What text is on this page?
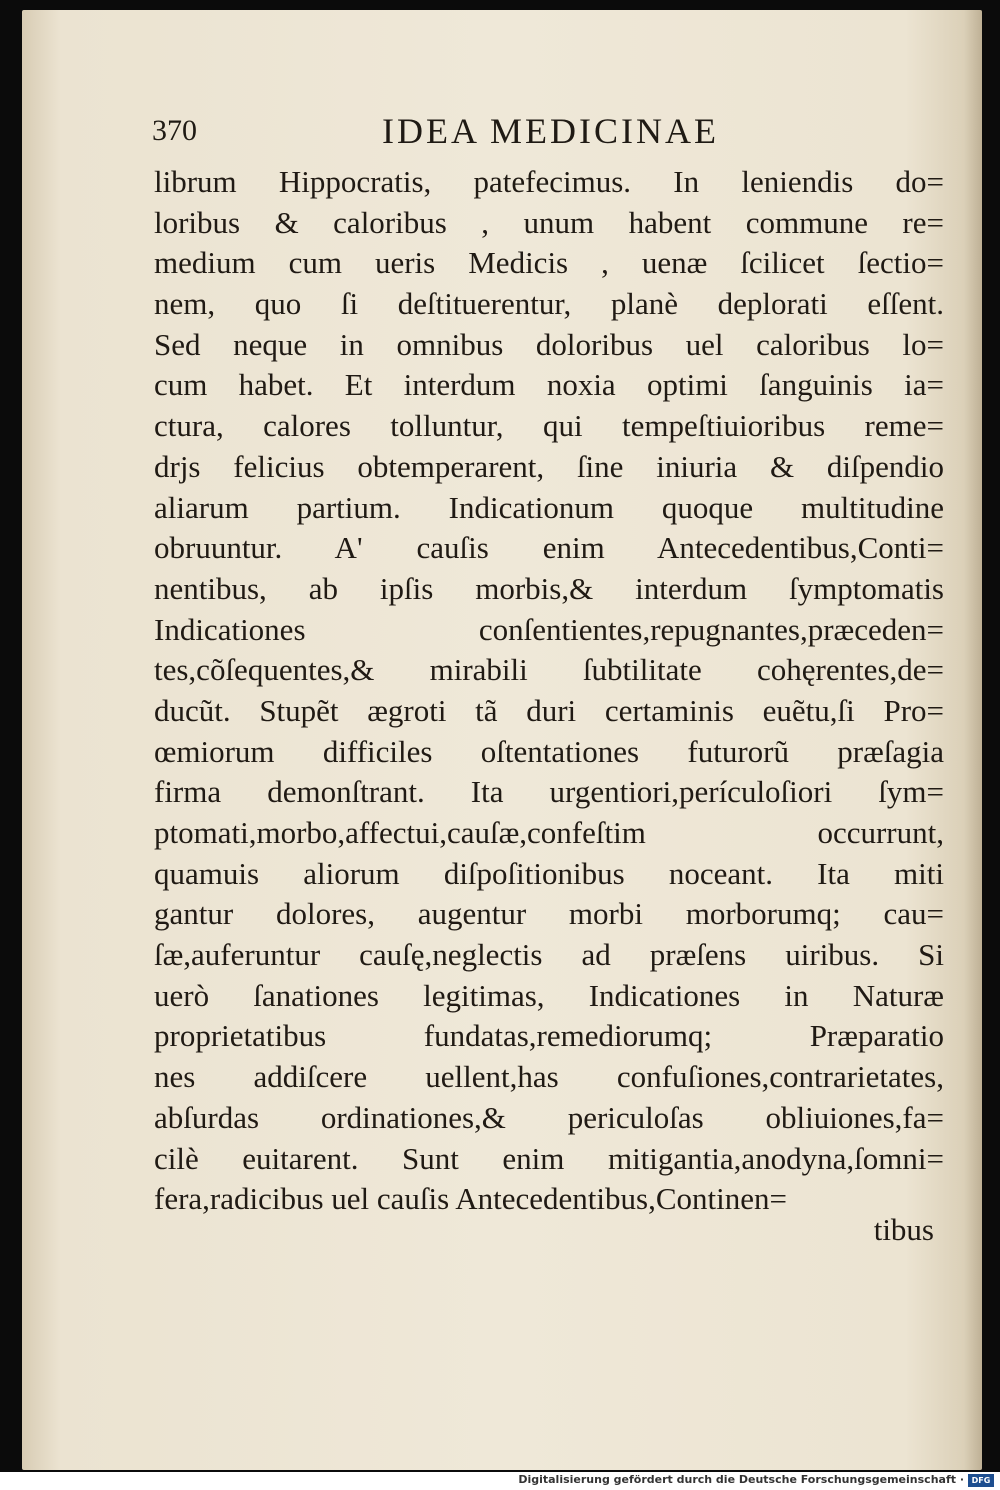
370	IDEA MEDICINAE
librum Hippocratis, patefecimus. In leniendis do=
loribus & caloribus , unum habent commune re=
medium cum ueris Medicis , uenæ ſcilicet ſectio=
nem, quo ſi deſtituerentur, planè deplorati eſſent.
Sed neque in omnibus doloribus uel caloribus lo=
cum habet. Et interdum noxia optimi ſanguinis ia=
ctura, calores tolluntur, qui tempeſtiuioribus reme=
drjs felicius obtemperarent, ſine iniuria & diſpendio
aliarum partium. Indicationum quoque multitudine
obruuntur. A' cauſis enim Antecedentibus,Conti=
nentibus, ab ipſis morbis,& interdum ſymptomatis
Indicationes conſentientes,repugnantes,præceden=
tes,cõſequentes,& mirabili ſubtilitate cohęrentes,de=
ducũt. Stupẽt ægroti tã duri certaminis euẽtu,ſi Pro=
œmiorum difficiles oſtentationes futurorũ præſagia
firma demonſtrant. Ita urgentiori,perículoſiori ſym=
ptomati,morbo,affectui,cauſæ,confeſtim occurrunt,
quamuis aliorum diſpoſitionibus noceant. Ita miti
gantur dolores, augentur morbi morborumq; cau=
ſæ,auferuntur cauſę,neglectis ad præſens uiribus. Si
uerò ſanationes legitimas, Indicationes in Naturæ
proprietatibus fundatas,remediorumq; Præparatio
nes addiſcere uellent,has confuſiones,contrarietates,
abſurdas ordinationes,& periculoſas obliuiones,fa=
cilè euitarent. Sunt enim mitigantia,anodyna,ſomni=
fera,radicibus uel cauſis Antecedentibus,Continen=
tibus
Digitalisierung gefördert durch die Deutsche Forschungsgemeinschaft · DFG
